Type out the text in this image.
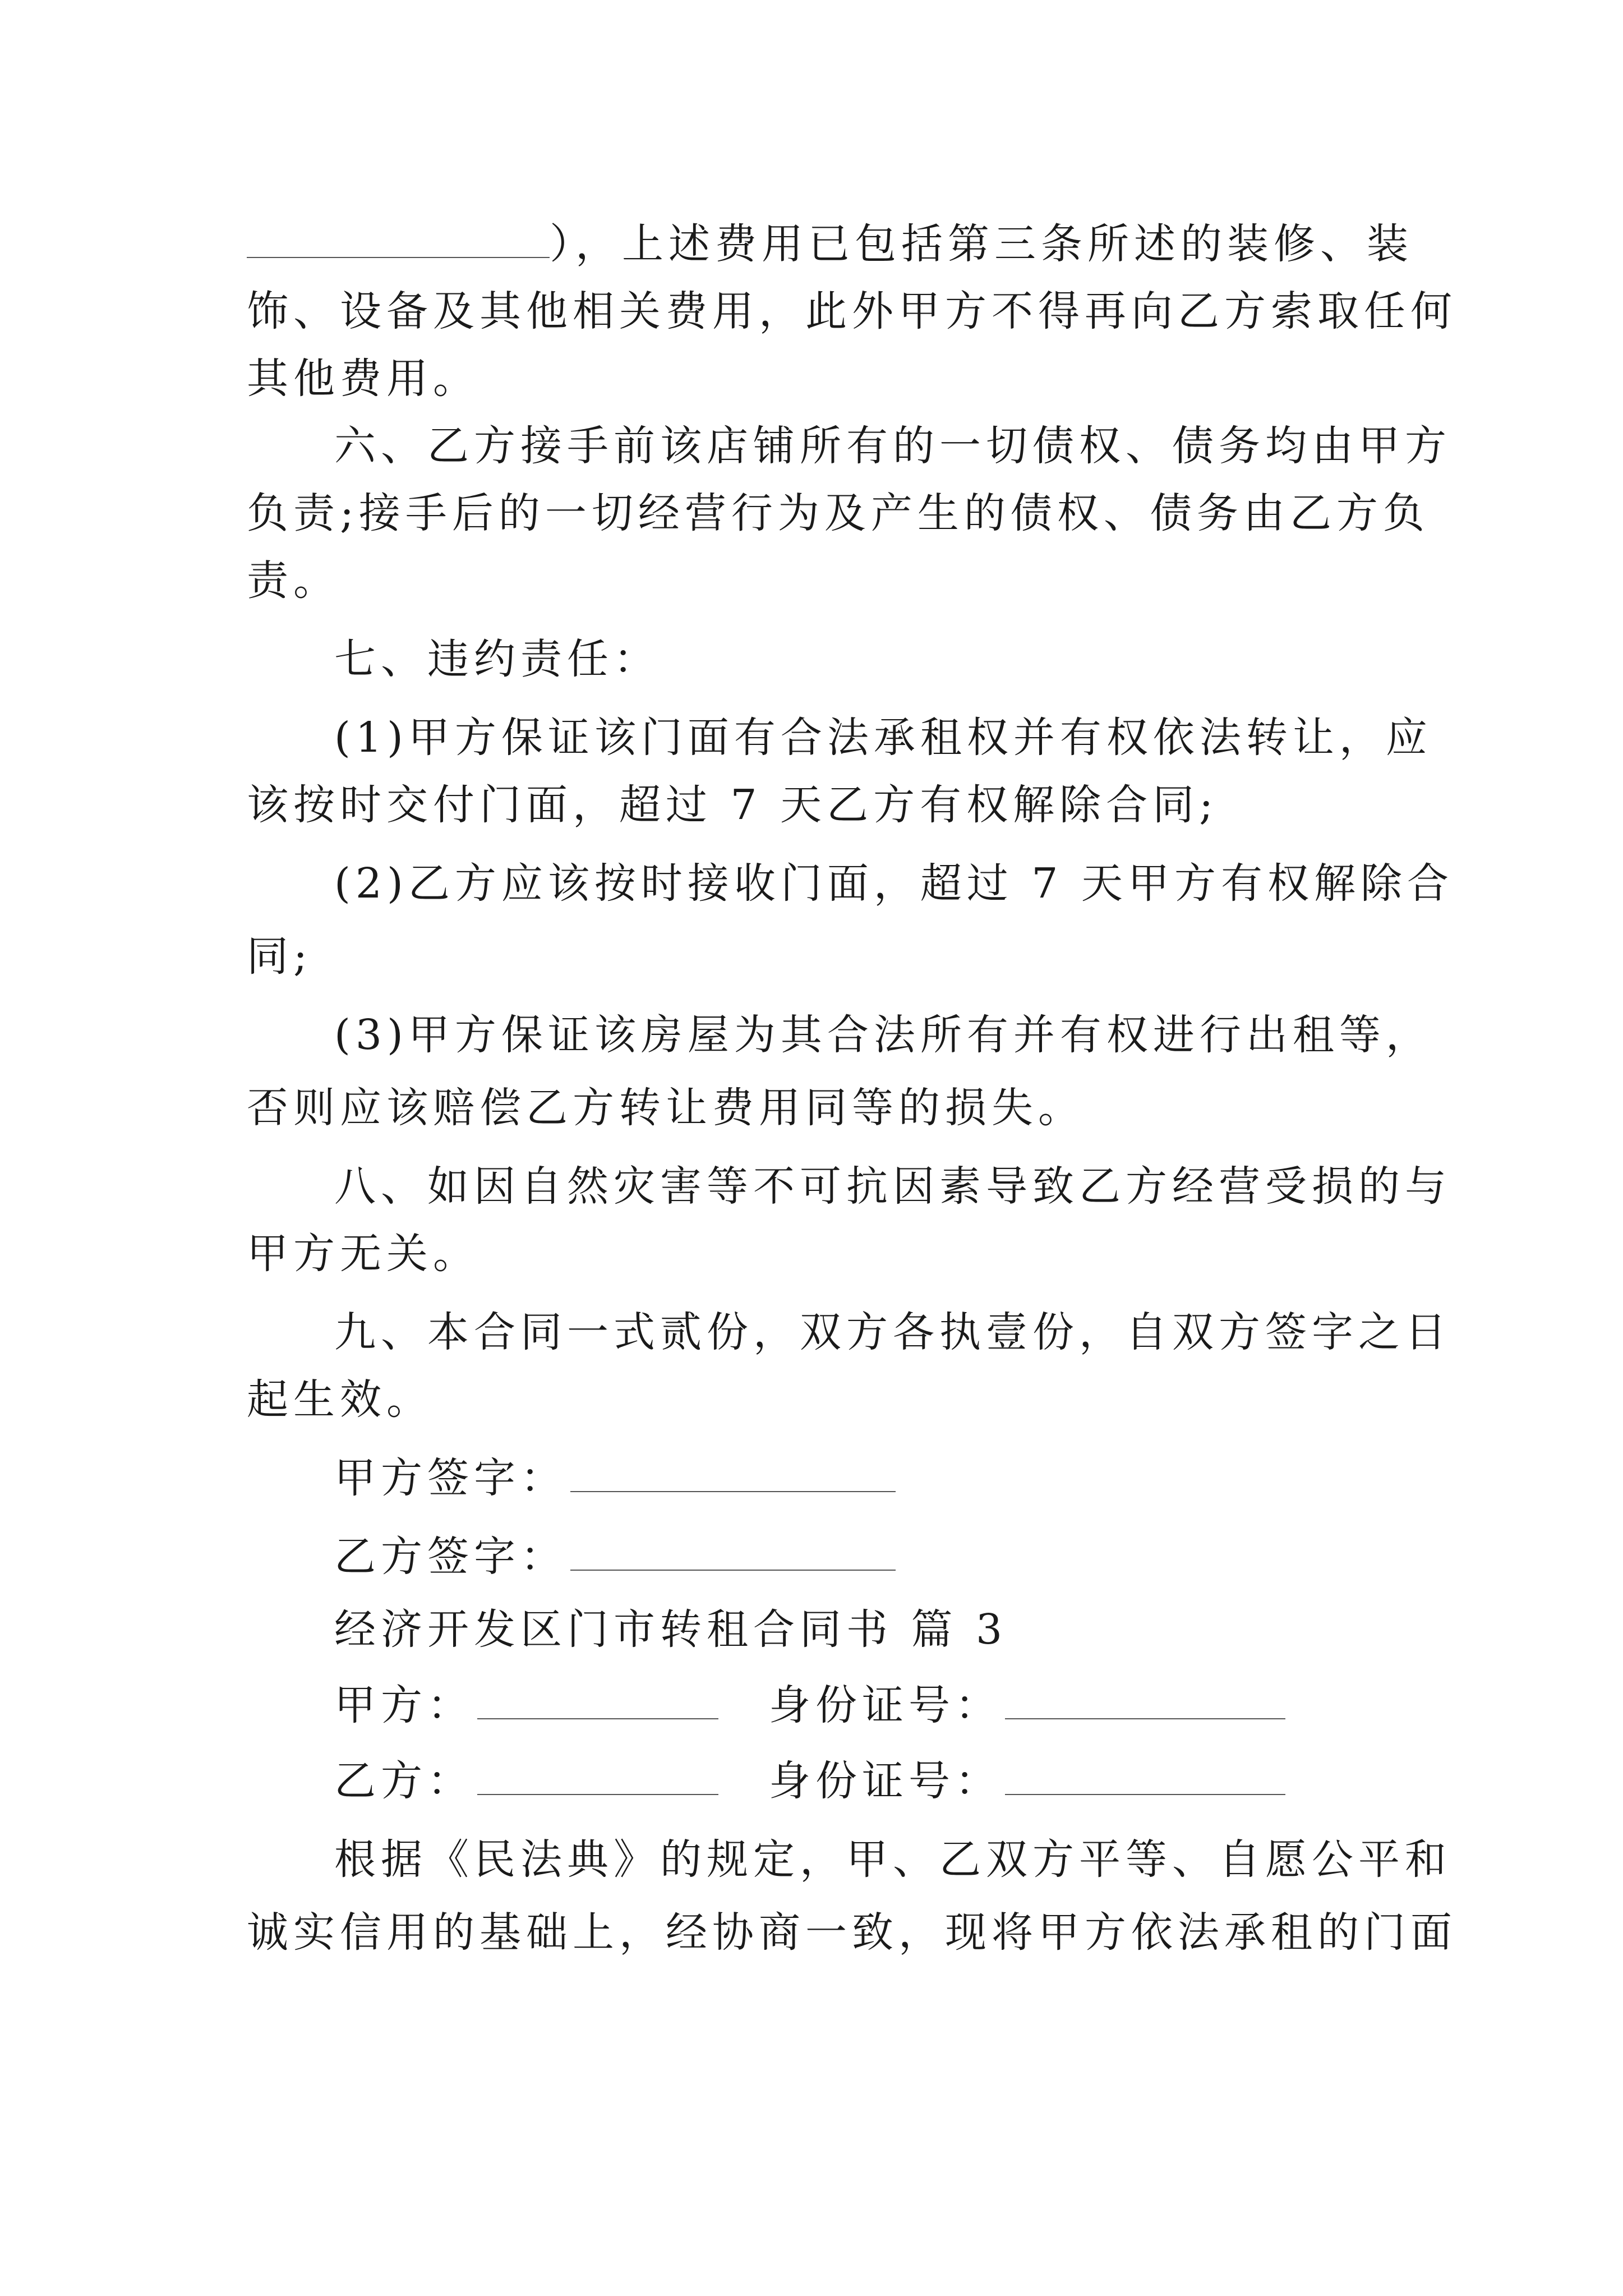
），上述费用已包括第三条所述的装修、装
饰、设备及其他相关费用，此外甲方不得再向乙方索取任何
其他费用。
六、乙方接手前该店铺所有的一切债权、债务均由甲方
负责;接手后的一切经营行为及产生的债权、债务由乙方负
责。
七、违约责任：
(1)甲方保证该门面有合法承租权并有权依法转让，应
该按时交付门面，超过 7 天乙方有权解除合同;
(2)乙方应该按时接收门面，超过 7 天甲方有权解除合
同;
(3)甲方保证该房屋为其合法所有并有权进行出租等，
否则应该赔偿乙方转让费用同等的损失。
八、如因自然灾害等不可抗因素导致乙方经营受损的与
甲方无关。
九、本合同一式贰份，双方各执壹份，自双方签字之日
起生效。
甲方签字：
乙方签字：
经济开发区门市转租合同书 篇 3
甲方：	身份证号：
乙方：	身份证号：
根据《民法典》的规定，甲、乙双方平等、自愿公平和
诚实信用的基础上，经协商一致，现将甲方依法承租的门面
